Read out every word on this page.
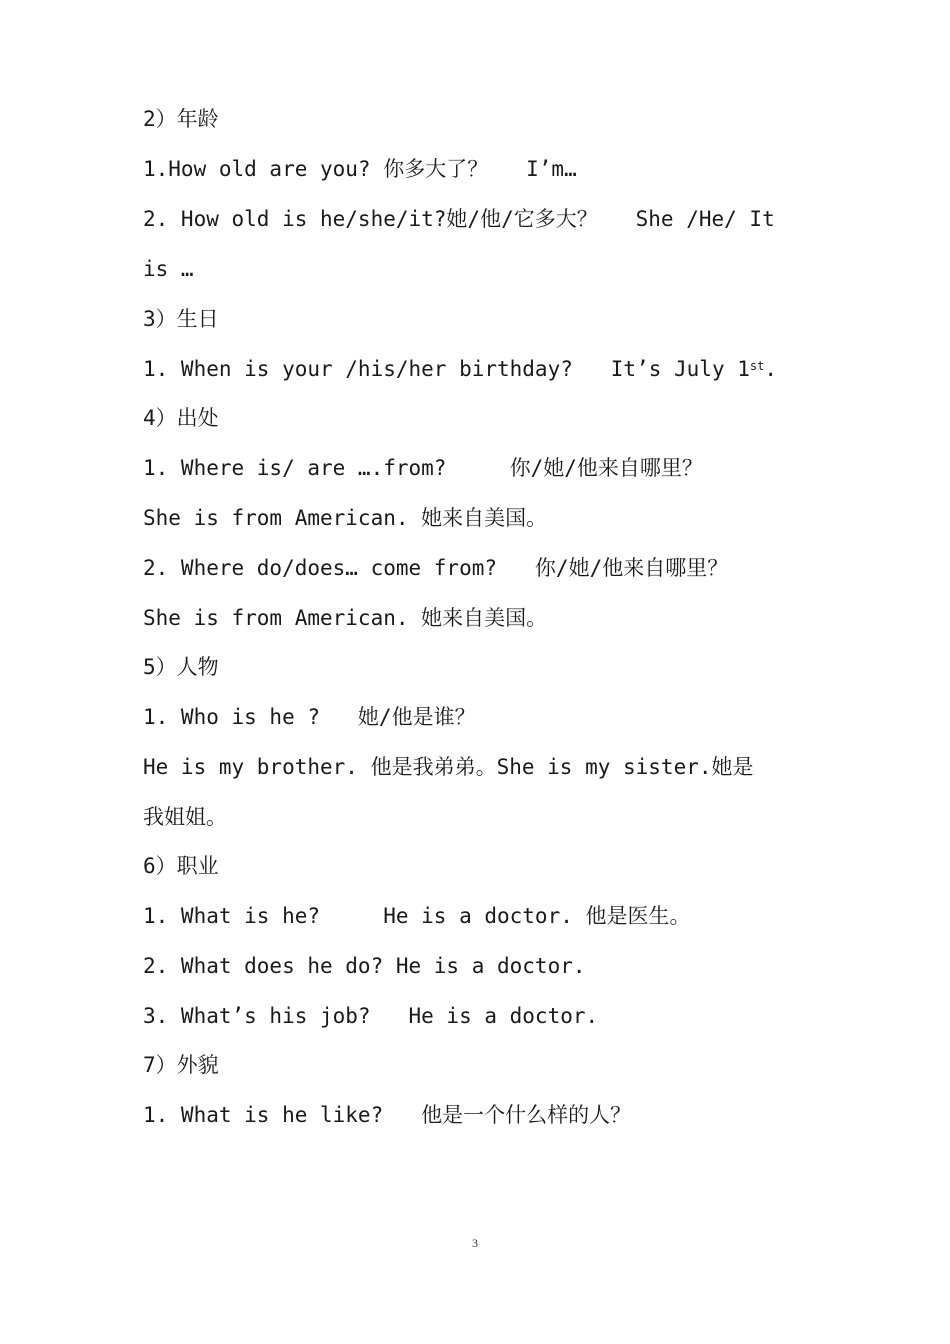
2）年龄
1.How old are you? 你多大了？   I’m…
2. How old is he/she/it?她/他/它多大？   She /He/ It
is …
3）生日
1. When is your /his/her birthday?   It’s July 1st.
4）出处
1. Where is/ are ….from?     你/她/他来自哪里？
She is from American. 她来自美国。
2. Where do/does… come from?   你/她/他来自哪里？
She is from American. 她来自美国。
5）人物
1. Who is he ?   她/他是谁？
He is my brother. 他是我弟弟。She is my sister.她是
我姐姐。
6）职业
1. What is he?     He is a doctor. 他是医生。
2. What does he do? He is a doctor.
3. What’s his job?   He is a doctor.
7）外貌
1. What is he like?   他是一个什么样的人？
3
